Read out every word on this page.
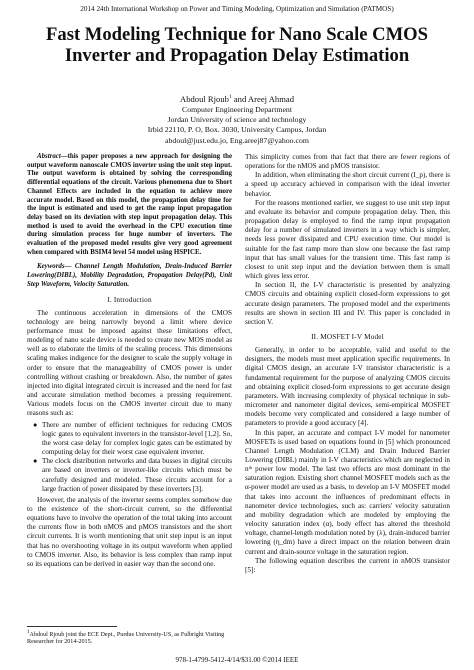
2014 24th International Workshop on Power and Timing Modeling, Optimization and Simulation (PATMOS)
Fast Modeling Technique for Nano Scale CMOS
Inverter and Propagation Delay Estimation
Abdoul Rjoub$^1$ and Areej Ahmad
Computer Engineering Department
Jordan University of science and technology
Irbid 22110, P. O, Box. 3030, University Campus, Jordan
abdoul@just.edu.jo, Eng.areej87@yahoo.com

Abstract—this paper proposes a new approach for designing the output waveform nanoscale CMOS inverter using the unit step input. The output waveform is obtained by solving the corresponding differential equations of the circuit. Various phenomena due to Short Channel Effects are included in the equation to achieve more accurate model. Based on this model, the propagation delay time for the input is estimated and used to get the ramp input propagation delay based on its deviation with step input propagation delay. This method is used to avoid the overhead in the CPU execution time during simulation process for huge number of inverters. The evaluation of the proposed model results give very good agreement when compared with BSIM4 level 54 model using HSPICE.

Keywords— Channel Length Modulation, Drain-Induced Barrier Lowering(DIBL), Mobility Degradation, Propagation Delay(Pd), Unit Step Waveform, Velocity Saturation.

I. Introduction

The continuous acceleration in dimensions of the CMOS technology are being narrowly beyond a limit where device performance must be imposed against these limitations effect, modeling of nano scale device is needed to create new MOS model as well as to elaborate the limits of the scaling process. This dimensions scaling makes indigence for the designer to scale the supply voltage in order to ensure that the manageability of CMOS power is under controlling without crashing or breakdown. Also, the number of gates injected into digital integrated circuit is increased and the need for fast and accurate simulation method becomes a pressing requirement. Various models focus on the CMOS inverter circuit due to many reasons such as:

● There are number of efficient techniques for reducing CMOS logic gates to equivalent inverters in the transistor-level [1,2]. So, the worst case delay for complex logic gates can be estimated by computing delay for their worst case equivalent inverter.
● The clock distribution networks and data busses in digital circuits are based on inverters or inverter-like circuits which must be carefully designed and modeled. These circuits account for a large fraction of power dissipated by these inverters [3].

However, the analysis of the inverter seems complex somehow due to the existence of the short-circuit current, so the differential equations have to involve the operation of the total taking into account the currents flow in both nMOS and pMOS transistors and the short circuit currents. It is worth mentioning that unit step input is an input that has no overshooting voltage in its output waveform when applied to CMOS inverter. Also, its behavior is less complex than ramp input so its equations can be derived in easier way than the second one.

$^1$Abdoul Rjoub joint the ECE Dept., Purdue University-US, as Fulbright Visiting Researcher for 2014-2015.

This simplicity comes from that fact that there are fewer regions of operations for the nMOS and pMOS transistor.

In addition, when eliminating the short circuit current (I_p), there is a speed up accuracy achieved in comparison with the ideal inverter behavior.

For the reasons mentioned earlier, we suggest to use unit step input and evaluate its behavior and compute propagation delay. Then, this propagation delay is employed to find the ramp input propagation delay for a number of simulated inverters in a way which is simpler, needs less power dissipated and CPU execution time. Our model is suitable for the fast ramp more than slow one because the fast ramp input that has small values for the transient time. This fast ramp is closest to unit step input and the deviation between them is small which gives less error.

In section II, the I-V characteristic is presented by analyzing CMOS circuits and obtaining explicit closed-form expressions to get accurate design parameters. The proposed model and the experiments results are shown in section III and IV. This paper is concluded in section V.

II. MOSFET I-V Model

Generally, in order to be acceptable, valid and useful to the designers, the models must meet application specific requirements. In digital CMOS design, an accurate I-V transistor characteristic is a fundamental requirement for the purpose of analyzing CMOS circuits and obtaining explicit closed-form expressions to get accurate design parameters. With increasing complexity of physical technique in sub-micrometer and nanometer digital devices, semi-empirical MOSFET models become very complicated and considered a large number of parameters to provide a good accuracy [4].

In this paper, an accurate and compact I-V model for nanometer MOSFETs is used based on equations found in [5] which pronounced Channel Length Modulation (CLM) and Drain Induced Barrier Lowering (DIBL) mainly in I-V characteristics which are neglected in nᵗʰ power low model. The last two effects are most dominant in the saturation region. Existing short channel MOSFET models such as the α-power model are used as a basis, to develop an I-V MOSFET model that takes into account the influences of predominant effects in nanometer device technologies, such as: carriers' velocity saturation and mobility degradation which are modeled by employing the velocity saturation index (α), body effect has altered the threshold voltage, channel-length modulation noted by (λ), drain-induced barrier lowering (η_dm) have a direct impact on the relation between drain current and drain-source voltage in the saturation region.

The following equation describes the current in nMOS transistor [5]:

978-1-4799-5412-4/14/$31.00 ©2014 IEEE
